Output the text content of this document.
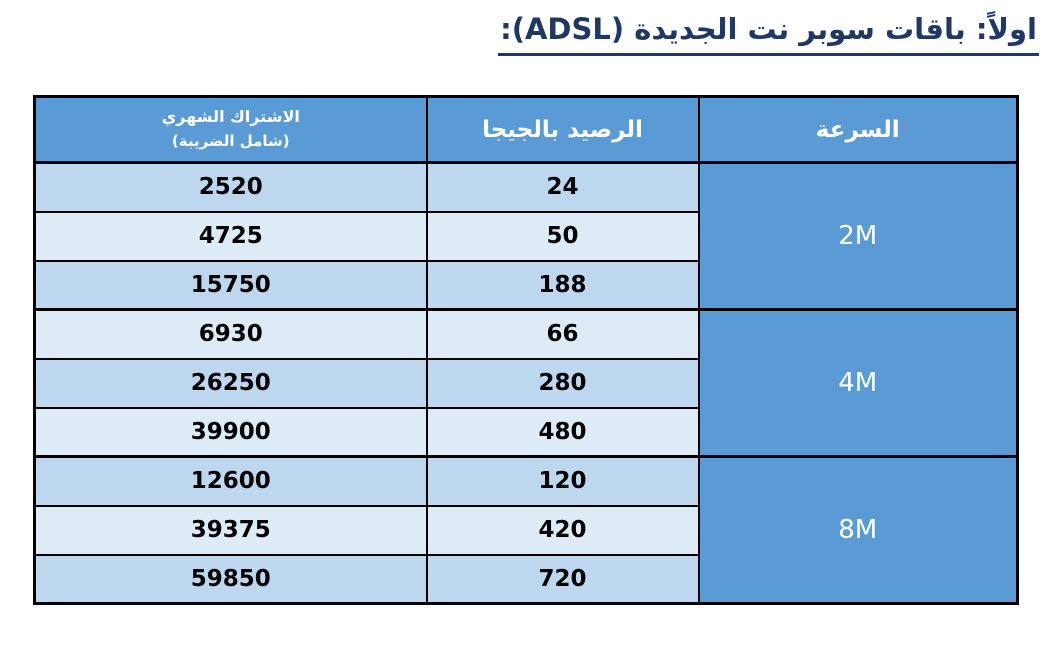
اولاً: باقات سوبر نت الجديدة (ADSL):
السرعة	الرصيد بالجيجا	الاشتراك الشهري
(شامل الضريبة)

2M	24	2520
	50	4725
	188	15750
4M	66	6930
	280	26250
	480	39900
8M	120	12600
	420	39375
	720	59850
